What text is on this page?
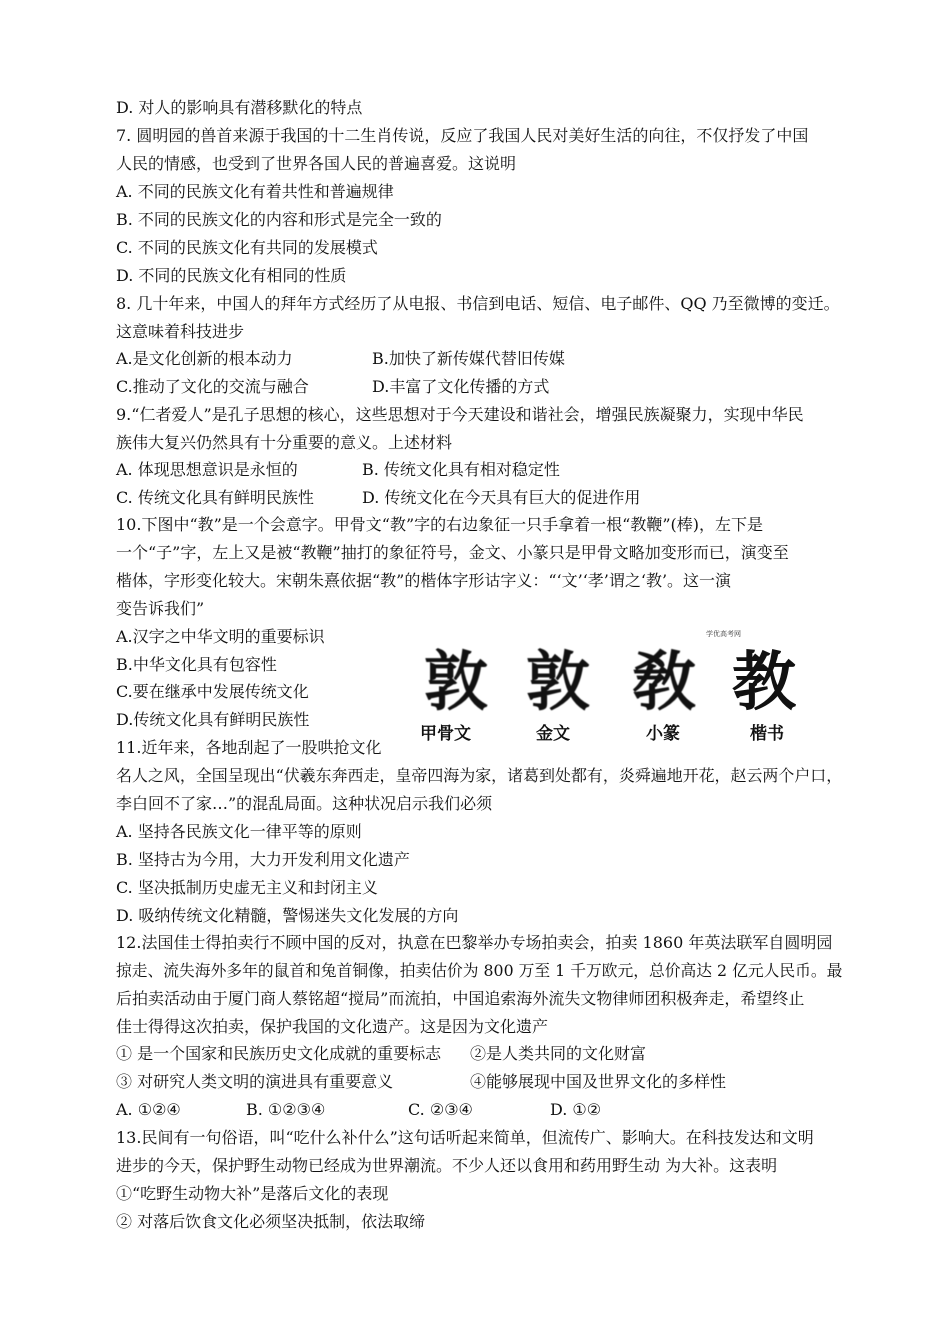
D. 对人的影响具有潜移默化的特点
7. 圆明园的兽首来源于我国的十二生肖传说，反应了我国人民对美好生活的向往，不仅抒发了中国
人民的情感，也受到了世界各国人民的普遍喜爱。这说明
A. 不同的民族文化有着共性和普遍规律
B. 不同的民族文化的内容和形式是完全一致的
C. 不同的民族文化有共同的发展模式
D. 不同的民族文化有相同的性质
8. 几十年来，中国人的拜年方式经历了从电报、书信到电话、短信、电子邮件、QQ 乃至微博的变迁。
这意味着科技进步
A.是文化创新的根本动力	B.加快了新传媒代替旧传媒
C.推动了文化的交流与融合	D.丰富了文化传播的方式
9.“仁者爱人”是孔子思想的核心，这些思想对于今天建设和谐社会，增强民族凝聚力，实现中华民
族伟大复兴仍然具有十分重要的意义。上述材料
A. 体现思想意识是永恒的	B. 传统文化具有相对稳定性
C. 传统文化具有鲜明民族性	D. 传统文化在今天具有巨大的促进作用
10.下图中“教”是一个会意字。甲骨文“教”字的右边象征一只手拿着一根“教鞭”(棒)，左下是
一个“子”字，左上又是被“教鞭”抽打的象征符号，金文、小篆只是甲骨文略加变形而已，演变至
楷体，字形变化较大。宋朝朱熹依据“教”的楷体字形诂字义：“‘文’‘孝’谓之‘教’。这一演
变告诉我们”
A.汉字之中华文明的重要标识
B.中华文化具有包容性
C.要在继承中发展传统文化
D.传统文化具有鲜明民族性
学优高考网
敦 敦 敎 教
甲骨文	金文	小篆	楷书
11.近年来，各地刮起了一股哄抢文化
名人之风，全国呈现出“伏羲东奔西走，皇帝四海为家，诸葛到处都有，炎舜遍地开花，赵云两个户口，
李白回不了家…”的混乱局面。这种状况启示我们必须
A. 坚持各民族文化一律平等的原则
B. 坚持古为今用，大力开发利用文化遗产
C. 坚决抵制历史虚无主义和封闭主义
D. 吸纳传统文化精髓，警惕迷失文化发展的方向
12.法国佳士得拍卖行不顾中国的反对，执意在巴黎举办专场拍卖会，拍卖 1860 年英法联军自圆明园
掠走、流失海外多年的鼠首和兔首铜像，拍卖估价为 800 万至 1 千万欧元，总价高达 2 亿元人民币。最
后拍卖活动由于厦门商人蔡铭超“搅局”而流拍，中国追索海外流失文物律师团积极奔走，希望终止
佳士得得这次拍卖，保护我国的文化遗产。这是因为文化遗产
① 是一个国家和民族历史文化成就的重要标志 ②是人类共同的文化财富
③ 对研究人类文明的演进具有重要意义	④能够展现中国及世界文化的多样性
A. ①②④	B. ①②③④	C. ②③④	D. ①②
13.民间有一句俗语，叫“吃什么补什么”这句话听起来简单，但流传广、影响大。在科技发达和文明
进步的今天，保护野生动物已经成为世界潮流。不少人还以食用和药用野生动 为大补。这表明
①“吃野生动物大补”是落后文化的表现
② 对落后饮食文化必须坚决抵制，依法取缔
